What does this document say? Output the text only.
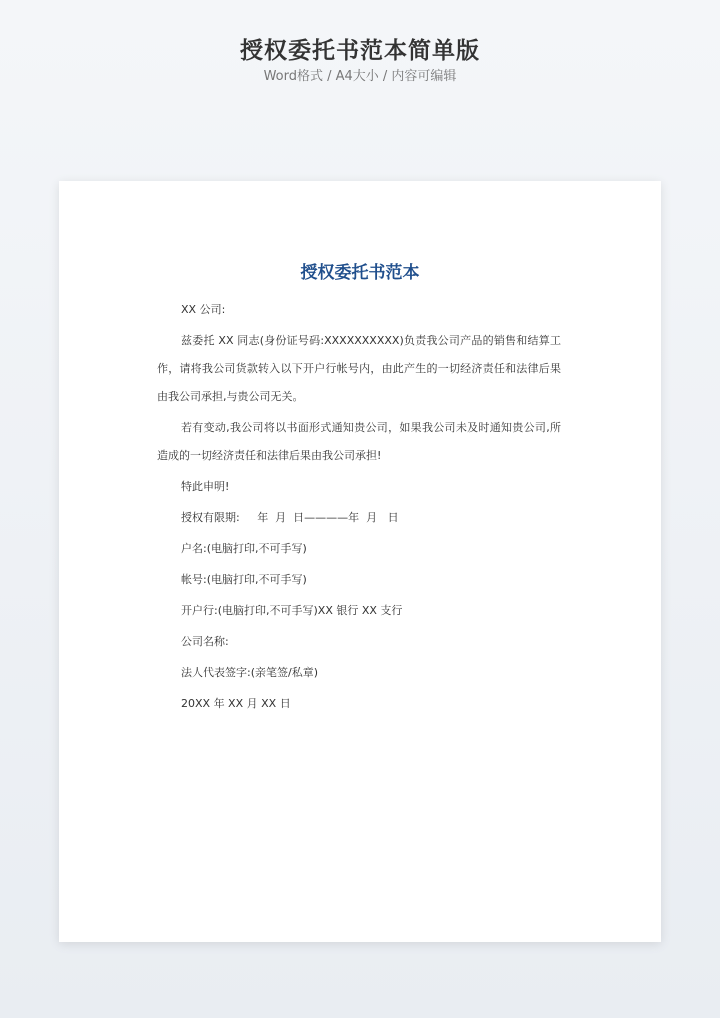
授权委托书范本简单版
Word格式 / A4大小 / 内容可编辑
授权委托书范本

XX 公司:

兹委托 XX 同志(身份证号码:XXXXXXXXXX)负责我公司产品的销售和结算工作，请将我公司货款转入以下开户行帐号内，由此产生的一切经济责任和法律后果由我公司承担,与贵公司无关。

若有变动,我公司将以书面形式通知贵公司，如果我公司未及时通知贵公司,所造成的一切经济责任和法律后果由我公司承担!

特此申明!

授权有限期:     年  月  日————年  月   日

户名:(电脑打印,不可手写)

帐号:(电脑打印,不可手写)

开户行:(电脑打印,不可手写)XX 银行 XX 支行

公司名称:

法人代表签字:(亲笔签/私章)

20XX 年 XX 月 XX 日
